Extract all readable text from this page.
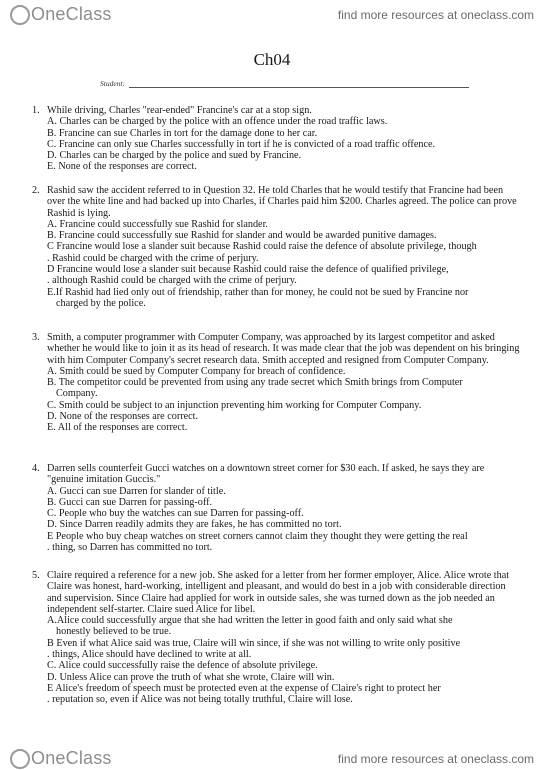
OneClass	find more resources at oneclass.com
Ch04
Student:
1. While driving, Charles "rear-ended" Francine's car at a stop sign.
A. Charles can be charged by the police with an offence under the road traffic laws.
B. Francine can sue Charles in tort for the damage done to her car.
C. Francine can only sue Charles successfully in tort if he is convicted of a road traffic offence.
D. Charles can be charged by the police and sued by Francine.
E. None of the responses are correct.
2. Rashid saw the accident referred to in Question 32. He told Charles that he would testify that Francine had been over the white line and had backed up into Charles, if Charles paid him $200. Charles agreed. The police can prove Rashid is lying.
A. Francine could successfully sue Rashid for slander.
B. Francine could successfully sue Rashid for slander and would be awarded punitive damages.
C Francine would lose a slander suit because Rashid could raise the defence of absolute privilege, though
. Rashid could be charged with the crime of perjury.
D Francine would lose a slander suit because Rashid could raise the defence of qualified privilege,
. although Rashid could be charged with the crime of perjury.
E.If Rashid had lied only out of friendship, rather than for money, he could not be sued by Francine nor
charged by the police.
3. Smith, a computer programmer with Computer Company, was approached by its largest competitor and asked whether he would like to join it as its head of research. It was made clear that the job was dependent on his bringing with him Computer Company's secret research data. Smith accepted and resigned from Computer Company.
A. Smith could be sued by Computer Company for breach of confidence.
B. The competitor could be prevented from using any trade secret which Smith brings from Computer
Company.
C. Smith could be subject to an injunction preventing him working for Computer Company.
D. None of the responses are correct.
E. All of the responses are correct.
4. Darren sells counterfeit Gucci watches on a downtown street corner for $30 each. If asked, he says they are "genuine imitation Guccis."
A. Gucci can sue Darren for slander of title.
B. Gucci can sue Darren for passing-off.
C. People who buy the watches can sue Darren for passing-off.
D. Since Darren readily admits they are fakes, he has committed no tort.
E People who buy cheap watches on street corners cannot claim they thought they were getting the real
. thing, so Darren has committed no tort.
5. Claire required a reference for a new job. She asked for a letter from her former employer, Alice. Alice wrote that Claire was honest, hard-working, intelligent and pleasant, and would do best in a job with considerable direction and supervision. Since Claire had applied for work in outside sales, she was turned down as the job needed an independent self-starter. Claire sued Alice for libel.
A.Alice could successfully argue that she had written the letter in good faith and only said what she
honestly believed to be true.
B Even if what Alice said was true, Claire will win since, if she was not willing to write only positive
. things, Alice should have declined to write at all.
C. Alice could successfully raise the defence of absolute privilege.
D. Unless Alice can prove the truth of what she wrote, Claire will win.
E Alice's freedom of speech must be protected even at the expense of Claire's right to protect her
. reputation so, even if Alice was not being totally truthful, Claire will lose.
OneClass	find more resources at oneclass.com
